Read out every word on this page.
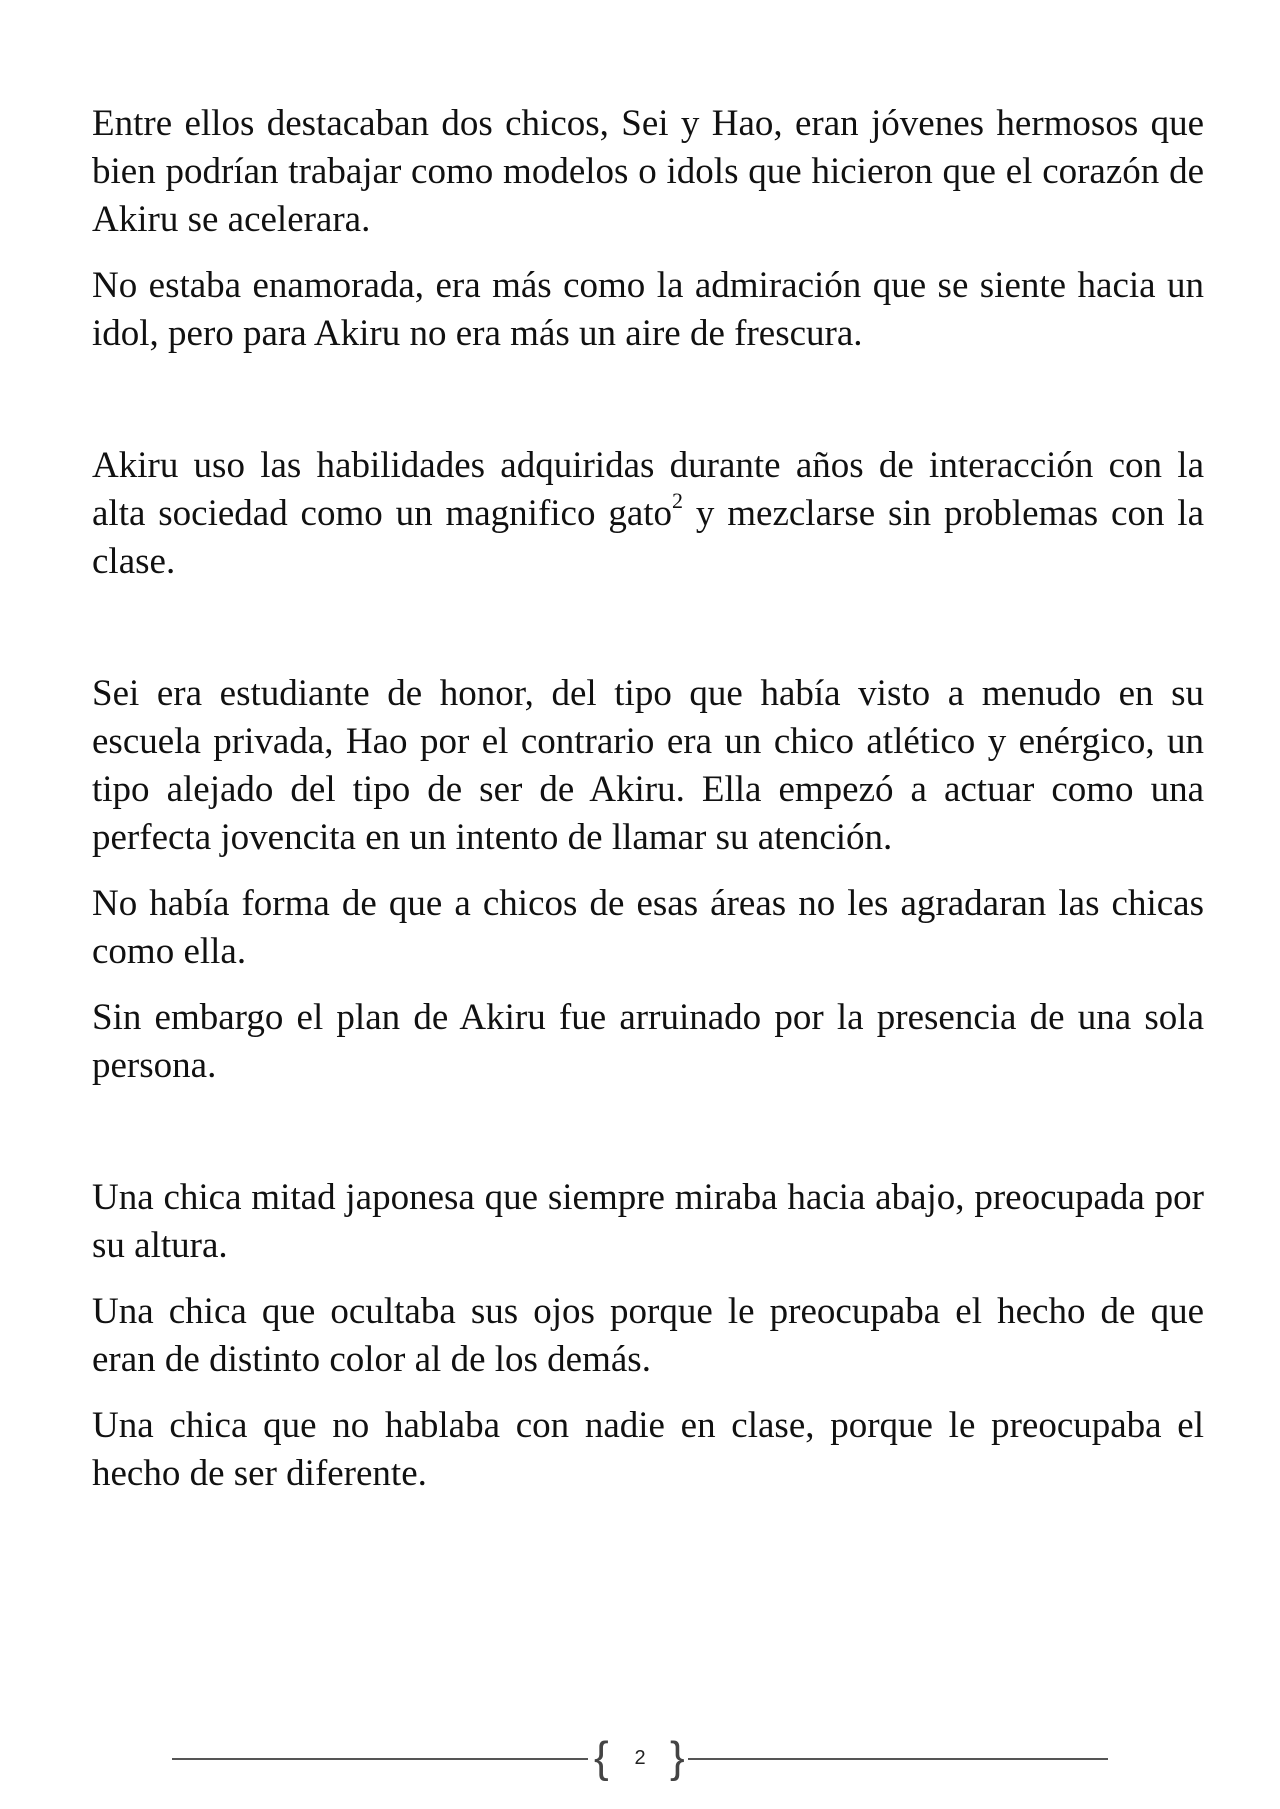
Entre ellos destacaban dos chicos, Sei y Hao, eran jóvenes hermosos que bien podrían trabajar como modelos o idols que hicieron que el corazón de Akiru se acelerara.

No estaba enamorada, era más como la admiración que se siente hacia un idol, pero para Akiru no era más un aire de frescura.

Akiru uso las habilidades adquiridas durante años de interacción con la alta sociedad como un magnifico gato$^2$ y mezclarse sin problemas con la clase.

Sei era estudiante de honor, del tipo que había visto a menudo en su escuela privada, Hao por el contrario era un chico atlético y enérgico, un tipo alejado del tipo de ser de Akiru. Ella empezó a actuar como una perfecta jovencita en un intento de llamar su atención.

No había forma de que a chicos de esas áreas no les agradaran las chicas como ella.

Sin embargo el plan de Akiru fue arruinado por la presencia de una sola persona.

Una chica mitad japonesa que siempre miraba hacia abajo, preocupada por su altura.

Una chica que ocultaba sus ojos porque le preocupaba el hecho de que eran de distinto color al de los demás.

Una chica que no hablaba con nadie en clase, porque le preocupaba el hecho de ser diferente.

{	2 }
